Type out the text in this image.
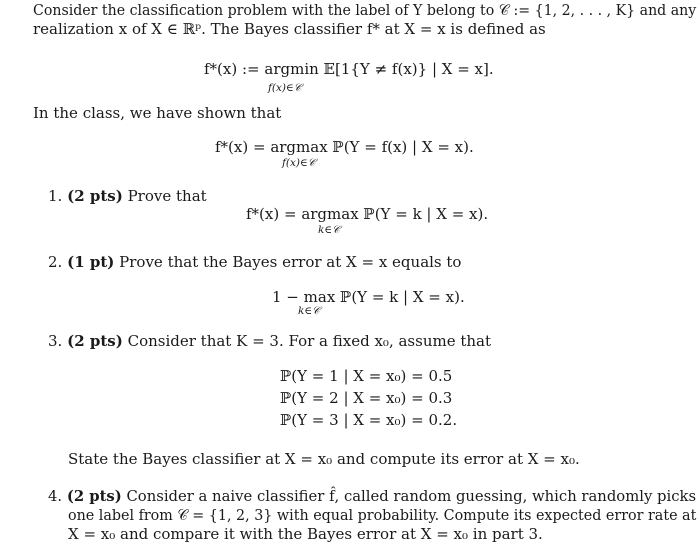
Consider the classification problem with the label of Y belong to 𝒞 := {1, 2, . . . , K} and any
realization x of X ∈ ℝᵖ. The Bayes classifier f* at X = x is defined as
f*(x) := argmin 𝔼[1{Y ≠ f(x)} | X = x].
f(x)∈𝒞
In the class, we have shown that
f*(x) = argmax ℙ(Y = f(x) | X = x).
f(x)∈𝒞
1. (2 pts) Prove that
f*(x) = argmax ℙ(Y = k | X = x).
k∈𝒞
2. (1 pt) Prove that the Bayes error at X = x equals to
1 − max ℙ(Y = k | X = x).
k∈𝒞
3. (2 pts) Consider that K = 3. For a fixed x₀, assume that
ℙ(Y = 1 | X = x₀) = 0.5
ℙ(Y = 2 | X = x₀) = 0.3
ℙ(Y = 3 | X = x₀) = 0.2.
State the Bayes classifier at X = x₀ and compute its error at X = x₀.
4. (2 pts) Consider a naive classifier f̂, called random guessing, which randomly picks
one label from 𝒞 = {1, 2, 3} with equal probability. Compute its expected error rate at
X = x₀ and compare it with the Bayes error at X = x₀ in part 3.
